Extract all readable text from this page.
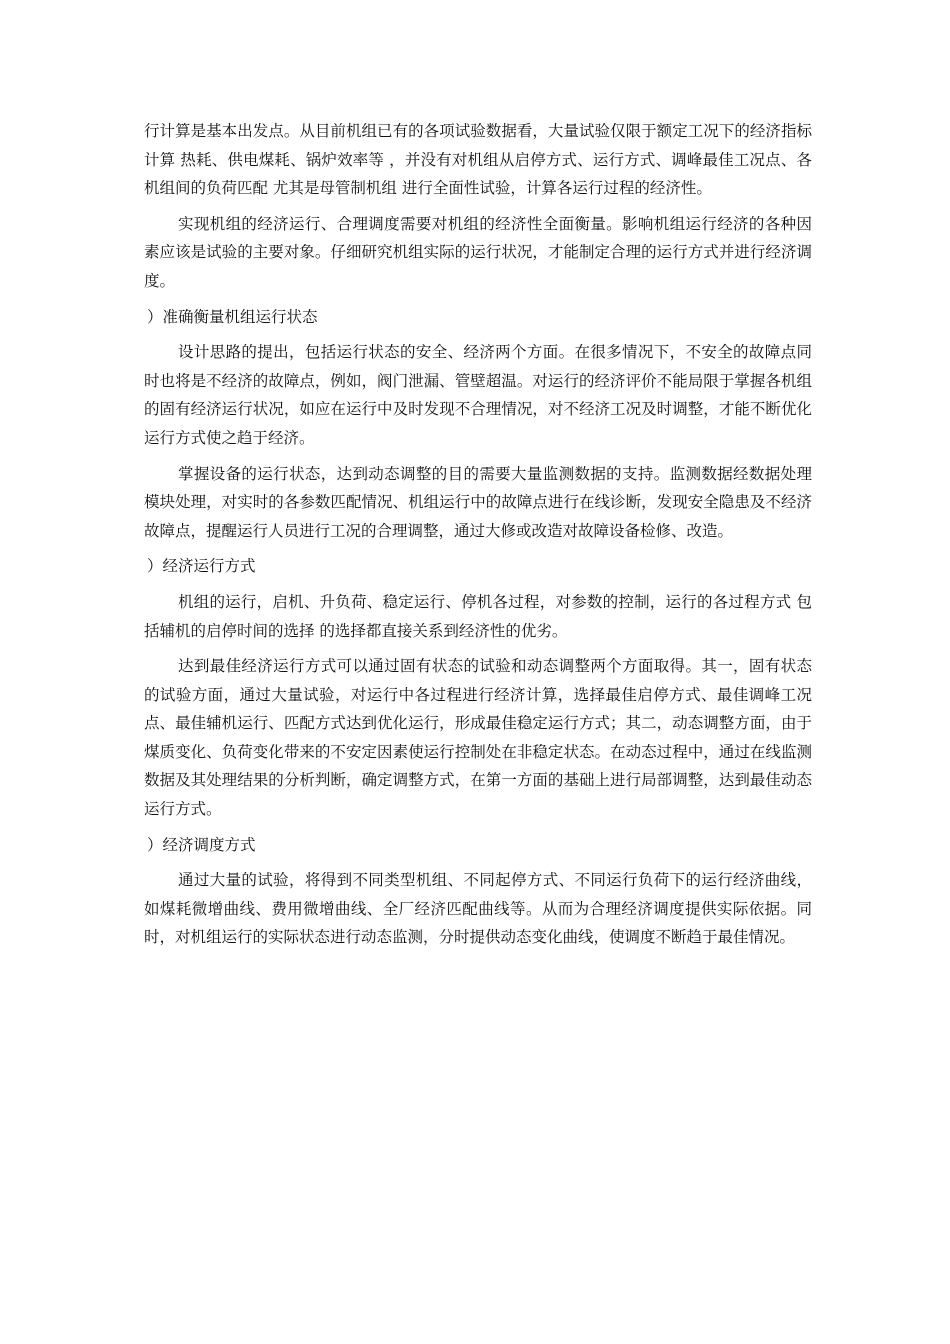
行计算是基本出发点。从目前机组已有的各项试验数据看，大量试验仅限于额定工况下的经济指标计算 热耗、供电煤耗、锅炉效率等 ，并没有对机组从启停方式、运行方式、调峰最佳工况点、各机组间的负荷匹配 尤其是母管制机组 进行全面性试验，计算各运行过程的经济性。

实现机组的经济运行、合理调度需要对机组的经济性全面衡量。影响机组运行经济的各种因素应该是试验的主要对象。仔细研究机组实际的运行状况，才能制定合理的运行方式并进行经济调度。

）准确衡量机组运行状态

设计思路的提出，包括运行状态的安全、经济两个方面。在很多情况下，不安全的故障点同时也将是不经济的故障点，例如，阀门泄漏、管壁超温。对运行的经济评价不能局限于掌握各机组的固有经济运行状况，如应在运行中及时发现不合理情况，对不经济工况及时调整，才能不断优化运行方式使之趋于经济。

掌握设备的运行状态，达到动态调整的目的需要大量监测数据的支持。监测数据经数据处理模块处理，对实时的各参数匹配情况、机组运行中的故障点进行在线诊断，发现安全隐患及不经济故障点，提醒运行人员进行工况的合理调整，通过大修或改造对故障设备检修、改造。

）经济运行方式

机组的运行，启机、升负荷、稳定运行、停机各过程，对参数的控制，运行的各过程方式 包括辅机的启停时间的选择 的选择都直接关系到经济性的优劣。

达到最佳经济运行方式可以通过固有状态的试验和动态调整两个方面取得。其一，固有状态的试验方面，通过大量试验，对运行中各过程进行经济计算，选择最佳启停方式、最佳调峰工况点、最佳辅机运行、匹配方式达到优化运行，形成最佳稳定运行方式；其二，动态调整方面，由于煤质变化、负荷变化带来的不安定因素使运行控制处在非稳定状态。在动态过程中，通过在线监测数据及其处理结果的分析判断，确定调整方式，在第一方面的基础上进行局部调整，达到最佳动态运行方式。

）经济调度方式

通过大量的试验，将得到不同类型机组、不同起停方式、不同运行负荷下的运行经济曲线，如煤耗微增曲线、费用微增曲线、全厂经济匹配曲线等。从而为合理经济调度提供实际依据。同时，对机组运行的实际状态进行动态监测，分时提供动态变化曲线，使调度不断趋于最佳情况。
